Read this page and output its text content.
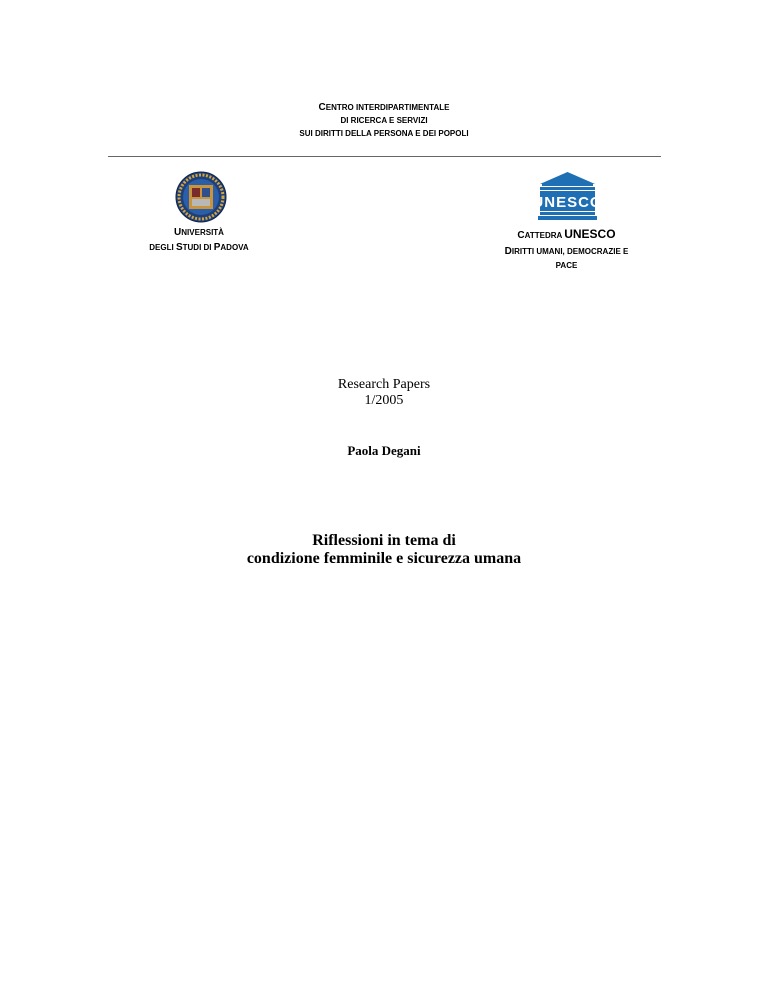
CENTRO INTERDIPARTIMENTALE
DI RICERCA E SERVIZI
SUI DIRITTI DELLA PERSONA E DEI POPOLI
UNESCO
UNIVERSITÀ
DEGLI STUDI DI PADOVA
CATTEDRA UNESCO
DIRITTI UMANI, DEMOCRAZIE E
PACE
Research Papers
1/2005
Paola Degani
Riflessioni in tema di
condizione femminile e sicurezza umana
